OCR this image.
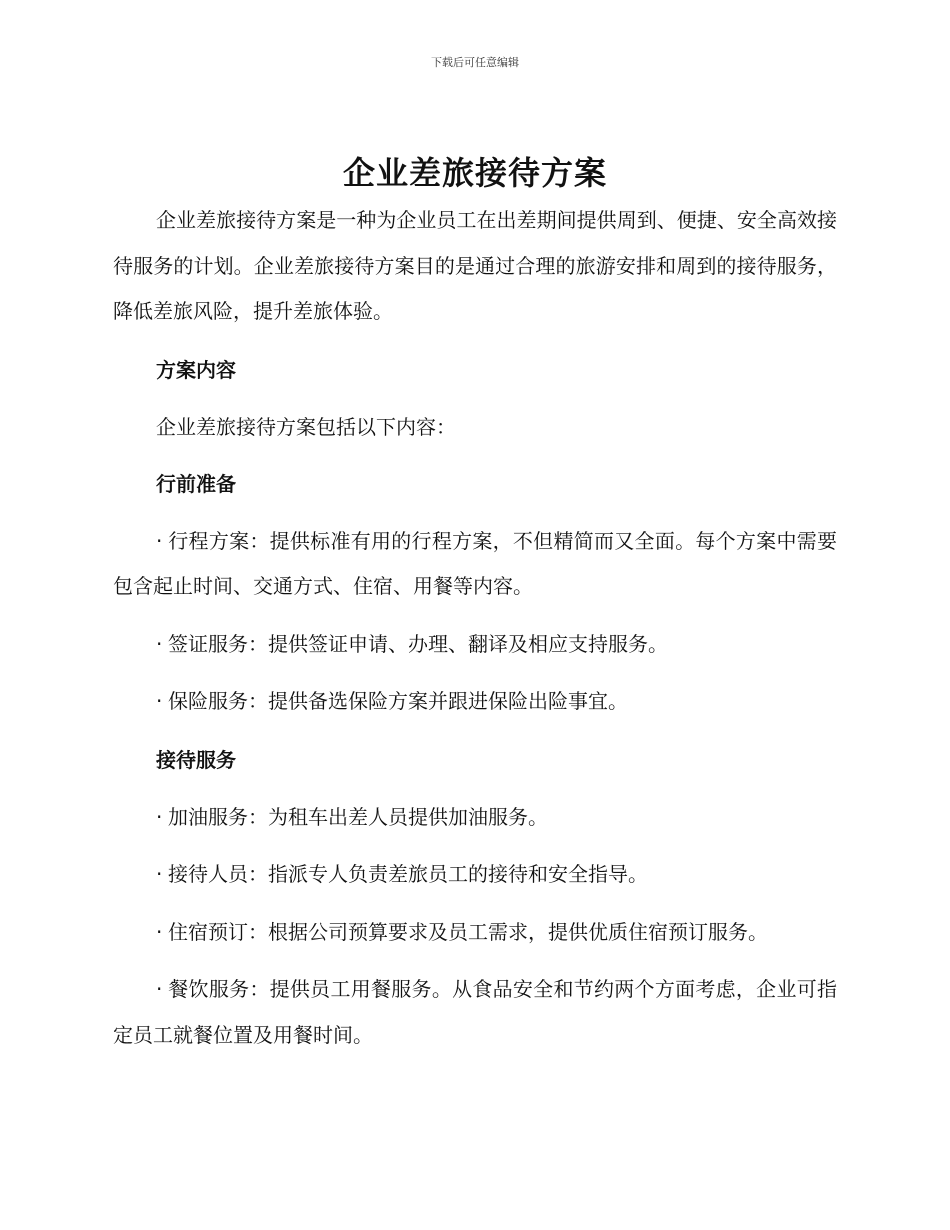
下载后可任意编辑
企业差旅接待方案

企业差旅接待方案是一种为企业员工在出差期间提供周到、便捷、安全高效接待服务的计划。企业差旅接待方案目的是通过合理的旅游安排和周到的接待服务，降低差旅风险，提升差旅体验。

方案内容

企业差旅接待方案包括以下内容：

行前准备

· 行程方案：提供标准有用的行程方案，不但精简而又全面。每个方案中需要包含起止时间、交通方式、住宿、用餐等内容。

· 签证服务：提供签证申请、办理、翻译及相应支持服务。

· 保险服务：提供备选保险方案并跟进保险出险事宜。

接待服务

· 加油服务：为租车出差人员提供加油服务。

· 接待人员：指派专人负责差旅员工的接待和安全指导。

· 住宿预订：根据公司预算要求及员工需求，提供优质住宿预订服务。

· 餐饮服务：提供员工用餐服务。从食品安全和节约两个方面考虑，企业可指定员工就餐位置及用餐时间。
